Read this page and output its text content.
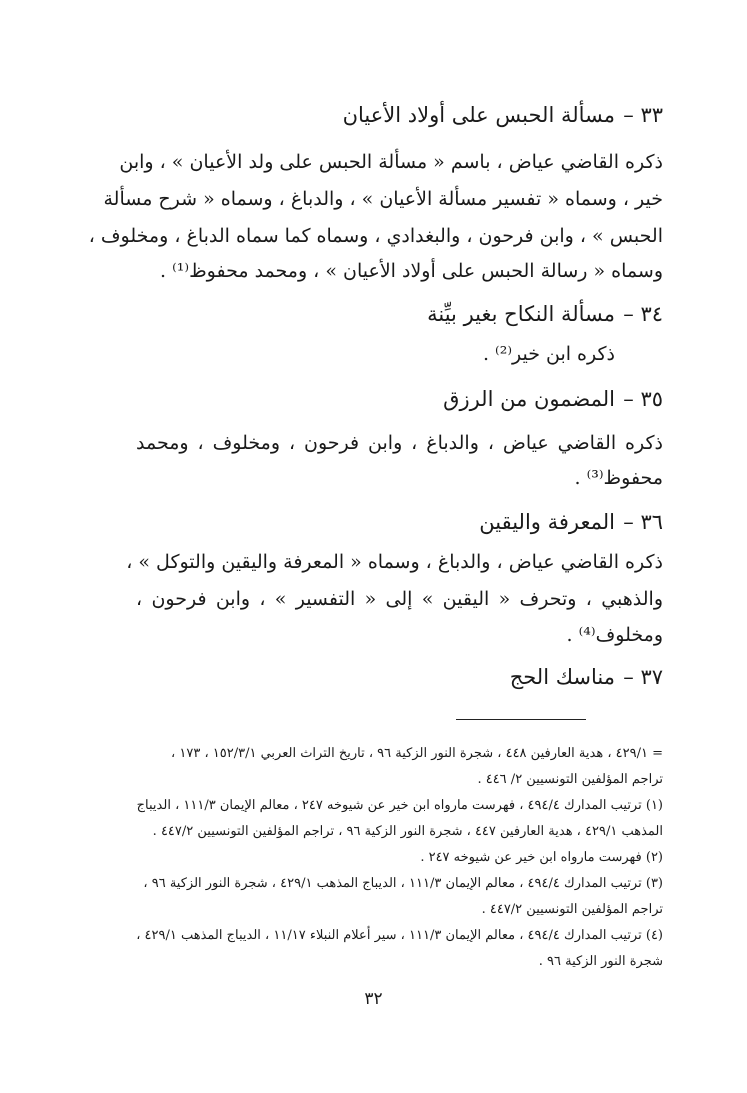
٣٣ –
مسألة الحبس على أولاد الأعيان
ذكره القاضي عياض ، باسم « مسألة الحبس على ولد الأعيان » ، وابن
خير ، وسماه « تفسير مسألة الأعيان » ، والدباغ ، وسماه « شرح مسألة
الحبس » ، وابن فرحون ، والبغدادي ، وسماه كما سماه الدباغ ، ومخلوف ،
وسماه « رسالة الحبس على أولاد الأعيان » ، ومحمد محفوظ⁽¹⁾ .
٣٤ –
مسألة النكاح بغير بيِّنة
ذكره ابن خير⁽²⁾ .
٣٥ –
المضمون من الرزق
ذكره القاضي عياض ، والدباغ ، وابن فرحون ، ومخلوف ، ومحمد
محفوظ⁽³⁾ .
٣٦ –
المعرفة واليقين
ذكره القاضي عياض ، والدباغ ، وسماه « المعرفة واليقين والتوكل » ،
والذهبي ، وتحرف « اليقين » إلى « التفسير » ، وابن فرحون ،
ومخلوف⁽⁴⁾ .
٣٧ –
مناسك الحج
= ٤٢٩/١ ، هدية العارفين ٤٤٨ ، شجرة النور الزكية ٩٦ ، تاريخ التراث العربي ١٥٢/٣/١ ، ١٧٣ ،
تراجم المؤلفين التونسيين ٢/ ٤٤٦ .
(١) ترتيب المدارك ٤٩٤/٤ ، فهرست مارواه ابن خير عن شيوخه ٢٤٧ ، معالم الإيمان ١١١/٣ ، الديباج
المذهب ٤٢٩/١ ، هدية العارفين ٤٤٧ ، شجرة النور الزكية ٩٦ ، تراجم المؤلفين التونسيين ٤٤٧/٢ .
(٢) فهرست مارواه ابن خير عن شيوخه ٢٤٧ .
(٣) ترتيب المدارك ٤٩٤/٤ ، معالم الإيمان ١١١/٣ ، الديباج المذهب ٤٢٩/١ ، شجرة النور الزكية ٩٦ ،
تراجم المؤلفين التونسيين ٤٤٧/٢ .
(٤) ترتيب المدارك ٤٩٤/٤ ، معالم الإيمان ١١١/٣ ، سير أعلام النبلاء ١١/١٧ ، الديباج المذهب ٤٢٩/١ ،
شجرة النور الزكية ٩٦ .
٣٢
